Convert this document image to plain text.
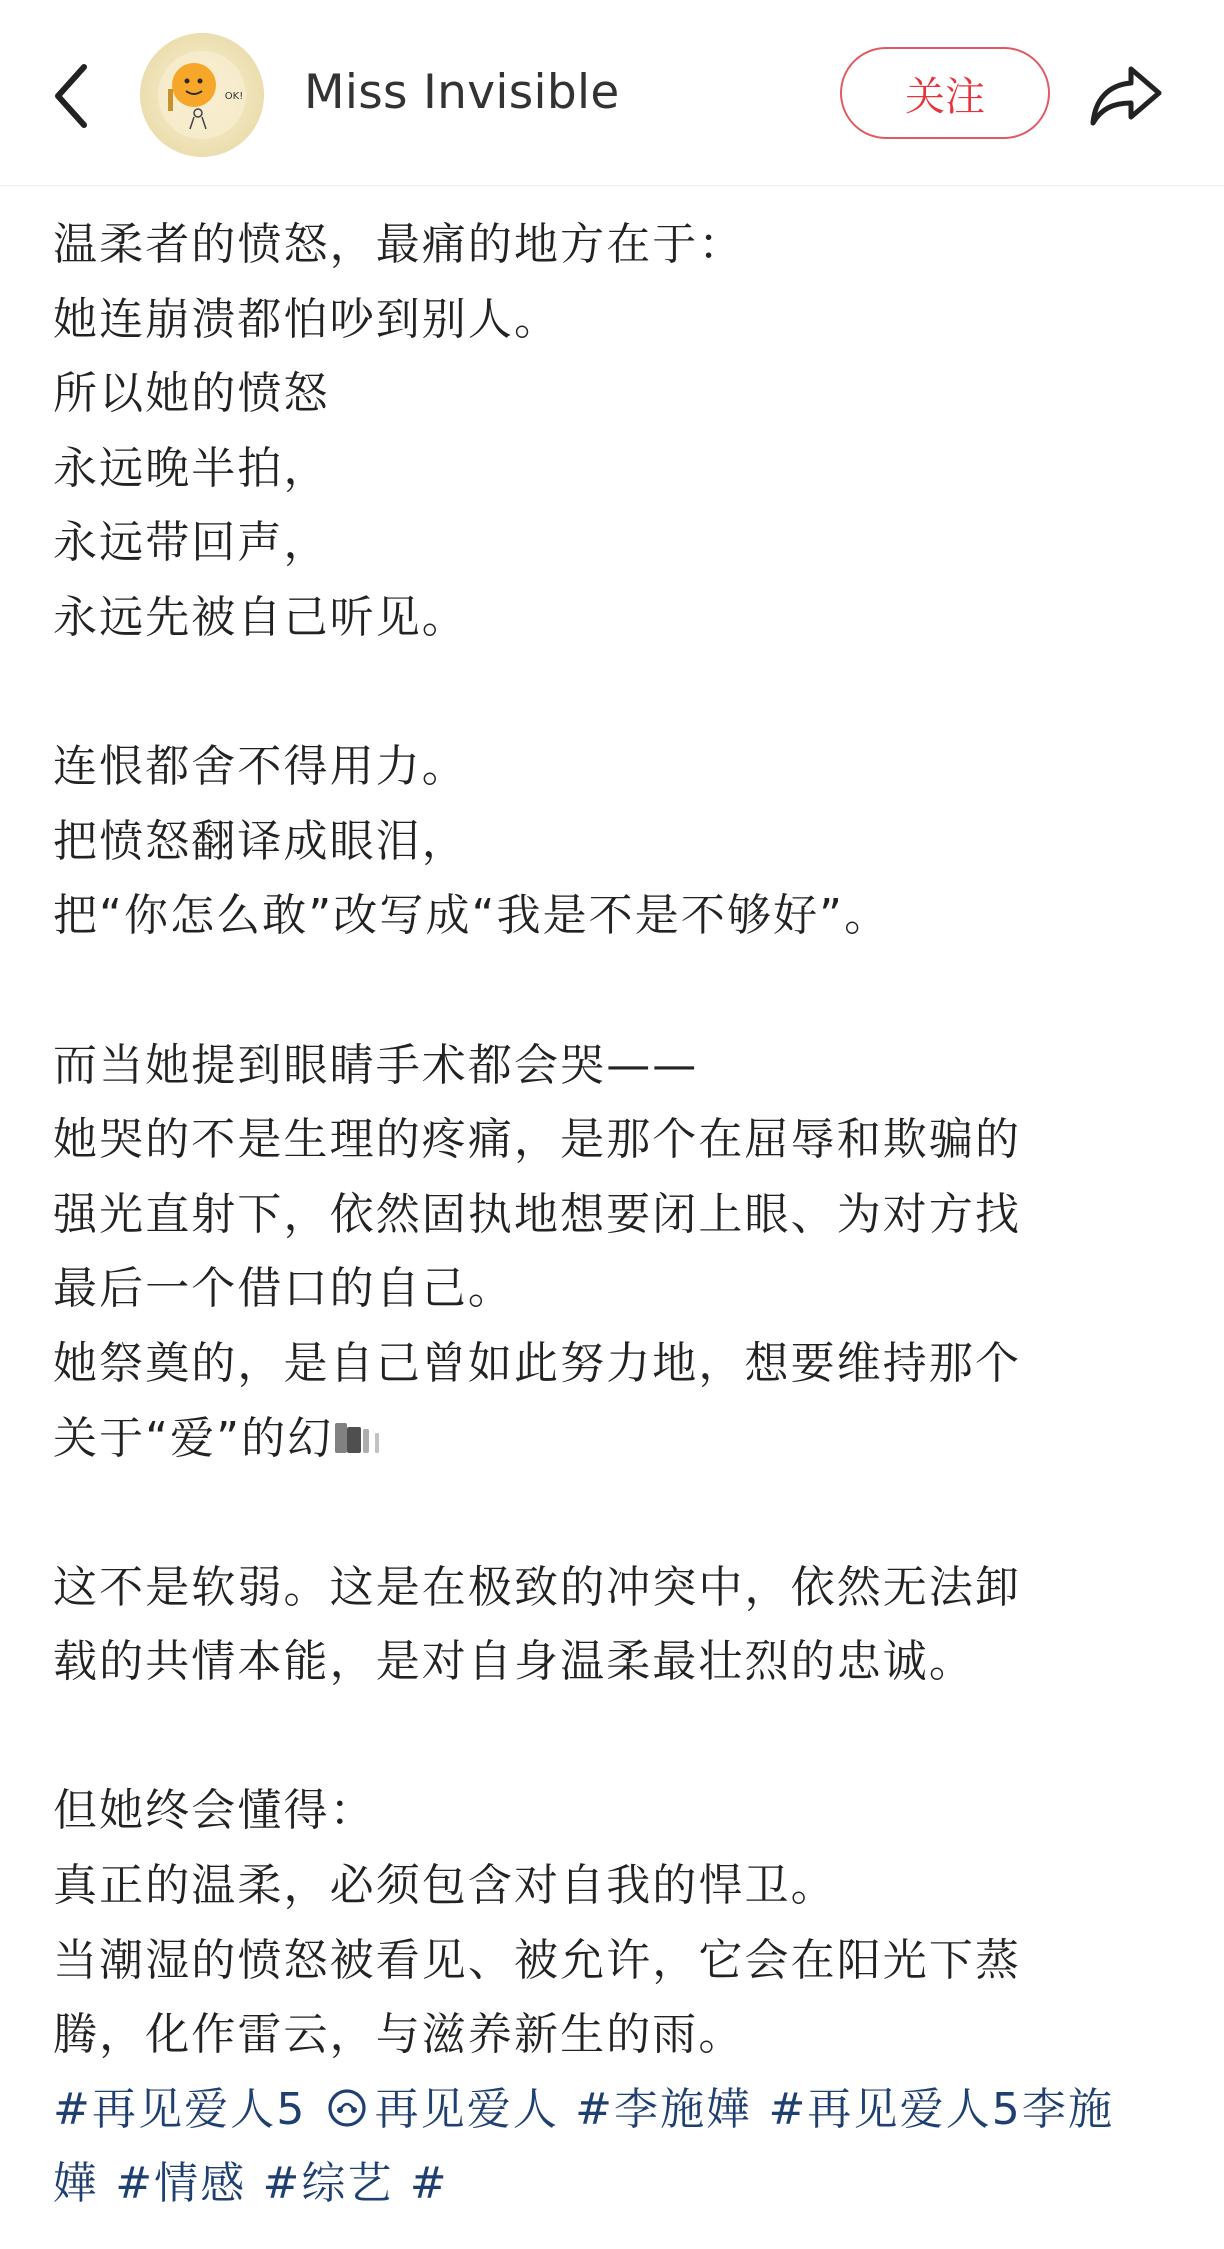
OK! Miss Invisible	关注

温柔者的愤怒，最痛的地方在于：

她连崩溃都怕吵到别人。

所以她的愤怒

永远晚半拍，

永远带回声，

永远先被自己听见。

连恨都舍不得用力。

把愤怒翻译成眼泪，

把“你怎么敢”改写成“我是不是不够好”。

而当她提到眼睛手术都会哭——

她哭的不是生理的疼痛，是那个在屈辱和欺骗的

强光直射下，依然固执地想要闭上眼、为对方找

最后一个借口的自己。

她祭奠的，是自己曾如此努力地，想要维持那个

关于“爱”的幻

这不是软弱。这是在极致的冲突中，依然无法卸

载的共情本能，是对自身温柔最壮烈的忠诚。

但她终会懂得：

真正的温柔，必须包含对自我的悍卫。

当潮湿的愤怒被看见、被允许，它会在阳光下蒸

腾，化作雷云，与滋养新生的雨。

#再见爱人5 再见爱人 #李施嬅 #再见爱人5李施

嬅 #情感 #综艺 #
